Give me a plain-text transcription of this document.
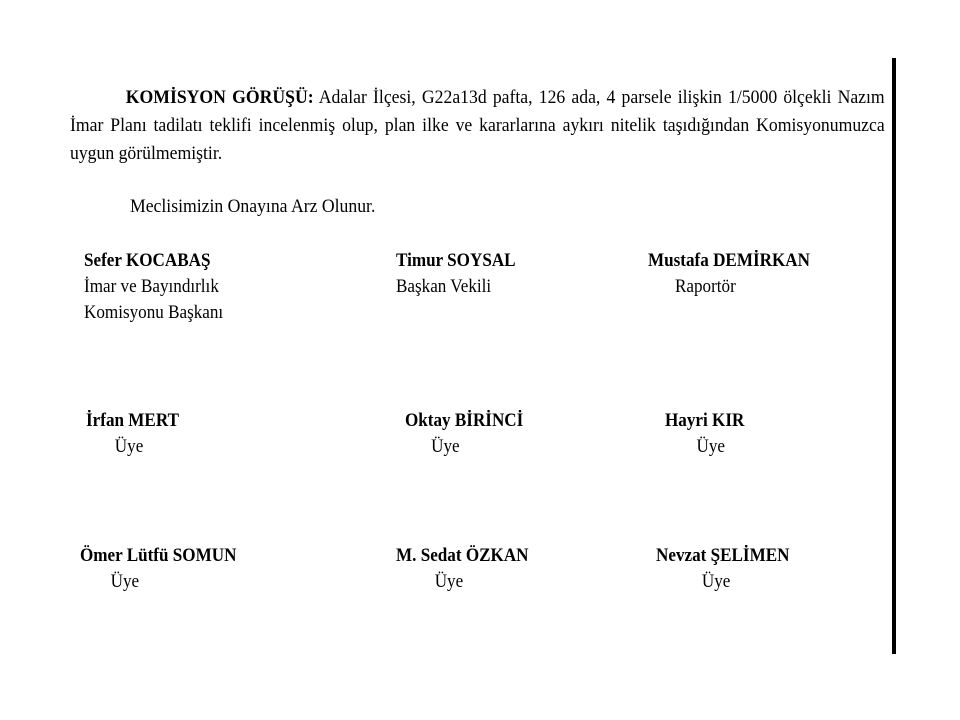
KOMİSYON GÖRÜŞÜ: Adalar İlçesi, G22a13d pafta, 126 ada, 4 parsele ilişkin 1/5000 ölçekli Nazım İmar Planı tadilatı teklifi incelenmiş olup, plan ilke ve kararlarına aykırı nitelik taşıdığından Komisyonumuzca uygun görülmemiştir.

Meclisimizin Onayına Arz Olunur.
Sefer KOCABAŞ
İmar ve Bayındırlık
Komisyonu Başkanı
Timur SOYSAL
Başkan Vekili
Mustafa DEMİRKAN
Raportör
İrfan MERT
Üye
Oktay BİRİNCİ
Üye
Hayri KIR
Üye
Ömer Lütfü SOMUN
Üye
M. Sedat ÖZKAN
Üye
Nevzat ŞELİMEN
Üye
